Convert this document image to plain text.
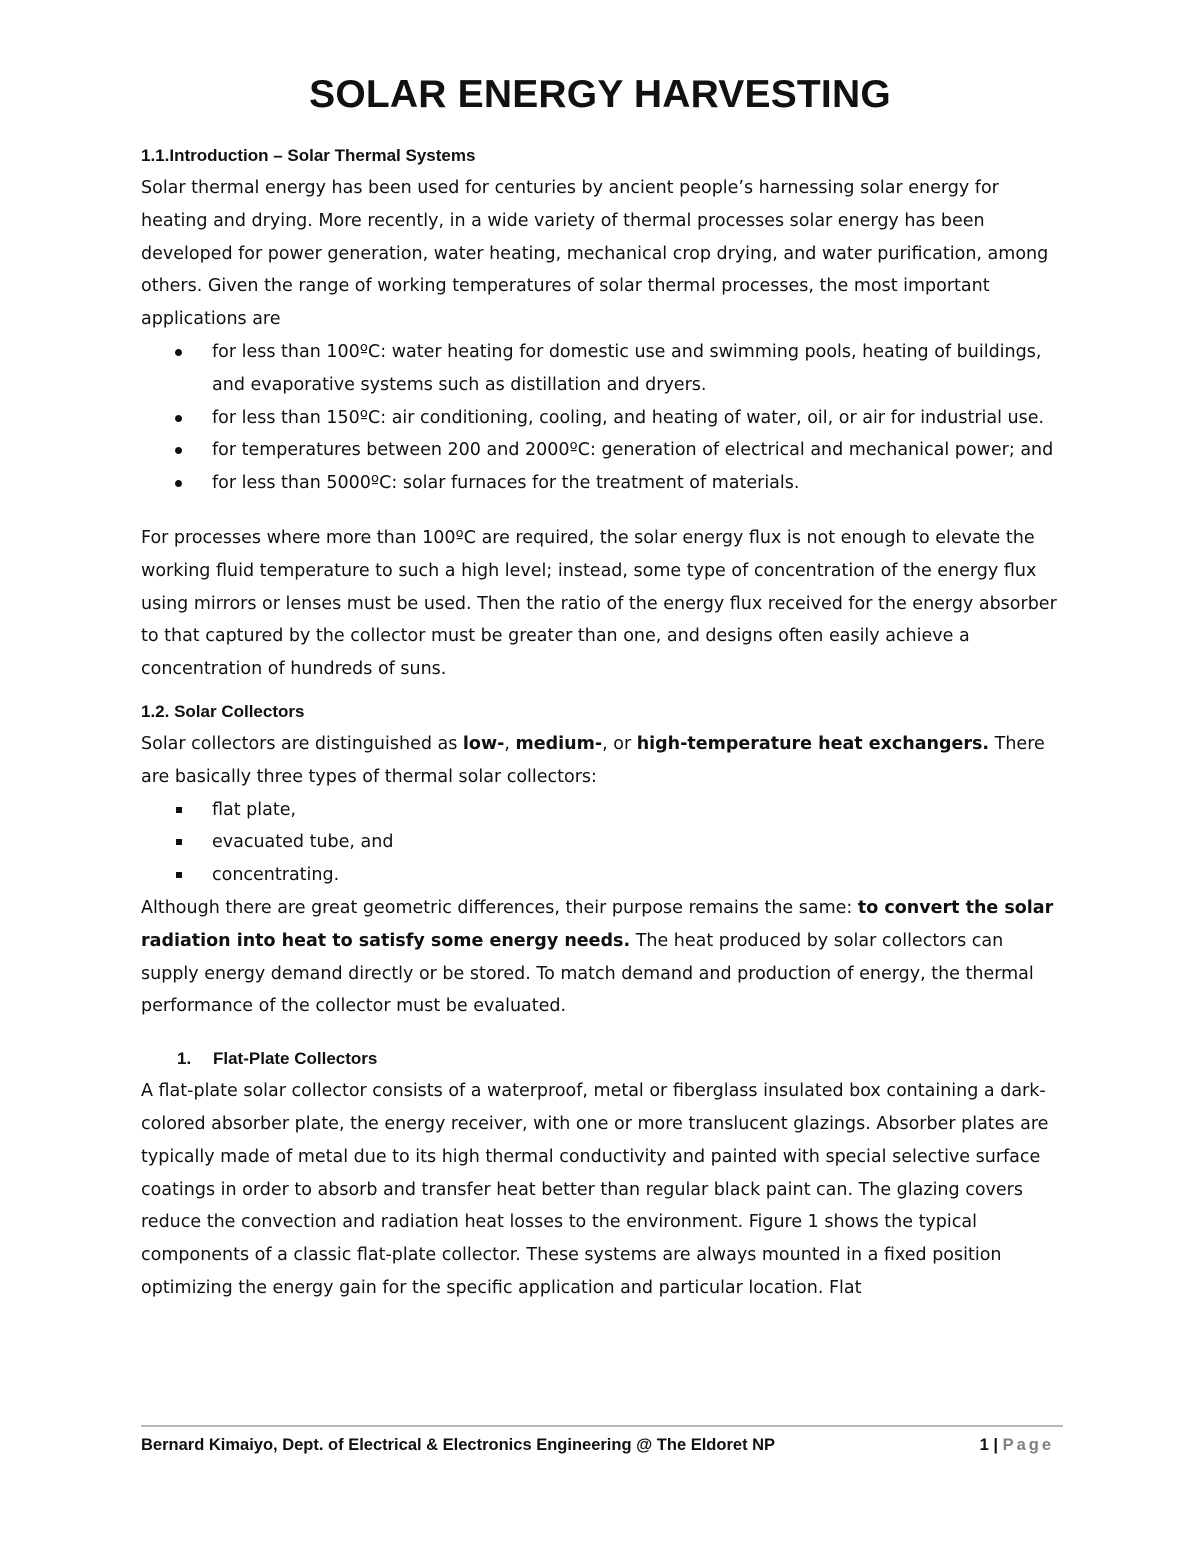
SOLAR ENERGY HARVESTING
1.1.Introduction – Solar Thermal Systems

Solar thermal energy has been used for centuries by ancient people’s harnessing solar energy for heating and drying. More recently, in a wide variety of thermal processes solar energy has been developed for power generation, water heating, mechanical crop drying, and water purification, among others. Given the range of working temperatures of solar thermal processes, the most important applications are

for less than 100ºC: water heating for domestic use and swimming pools, heating of buildings, and evaporative systems such as distillation and dryers.
for less than 150ºC: air conditioning, cooling, and heating of water, oil, or air for industrial use.
for temperatures between 200 and 2000ºC: generation of electrical and mechanical power; and
for less than 5000ºC: solar furnaces for the treatment of materials.

For processes where more than 100ºC are required, the solar energy flux is not enough to elevate the working fluid temperature to such a high level; instead, some type of concentration of the energy flux using mirrors or lenses must be used. Then the ratio of the energy flux received for the energy absorber to that captured by the collector must be greater than one, and designs often easily achieve a concentration of hundreds of suns.

1.2. Solar Collectors

Solar collectors are distinguished as low-, medium-, or high-temperature heat exchangers. There are basically three types of thermal solar collectors:

flat plate,
evacuated tube, and
concentrating.

Although there are great geometric differences, their purpose remains the same: to convert the solar radiation into heat to satisfy some energy needs. The heat produced by solar collectors can supply energy demand directly or be stored. To match demand and production of energy, the thermal performance of the collector must be evaluated.

1. Flat-Plate Collectors

A flat-plate solar collector consists of a waterproof, metal or fiberglass insulated box containing a dark-colored absorber plate, the energy receiver, with one or more translucent glazings. Absorber plates are typically made of metal due to its high thermal conductivity and painted with special selective surface coatings in order to absorb and transfer heat better than regular black paint can. The glazing covers reduce the convection and radiation heat losses to the environment. Figure 1 shows the typical components of a classic flat-plate collector. These systems are always mounted in a fixed position optimizing the energy gain for the specific application and particular location. Flat

Bernard Kimaiyo, Dept. of Electrical & Electronics Engineering @ The Eldoret NP	1 | Page
